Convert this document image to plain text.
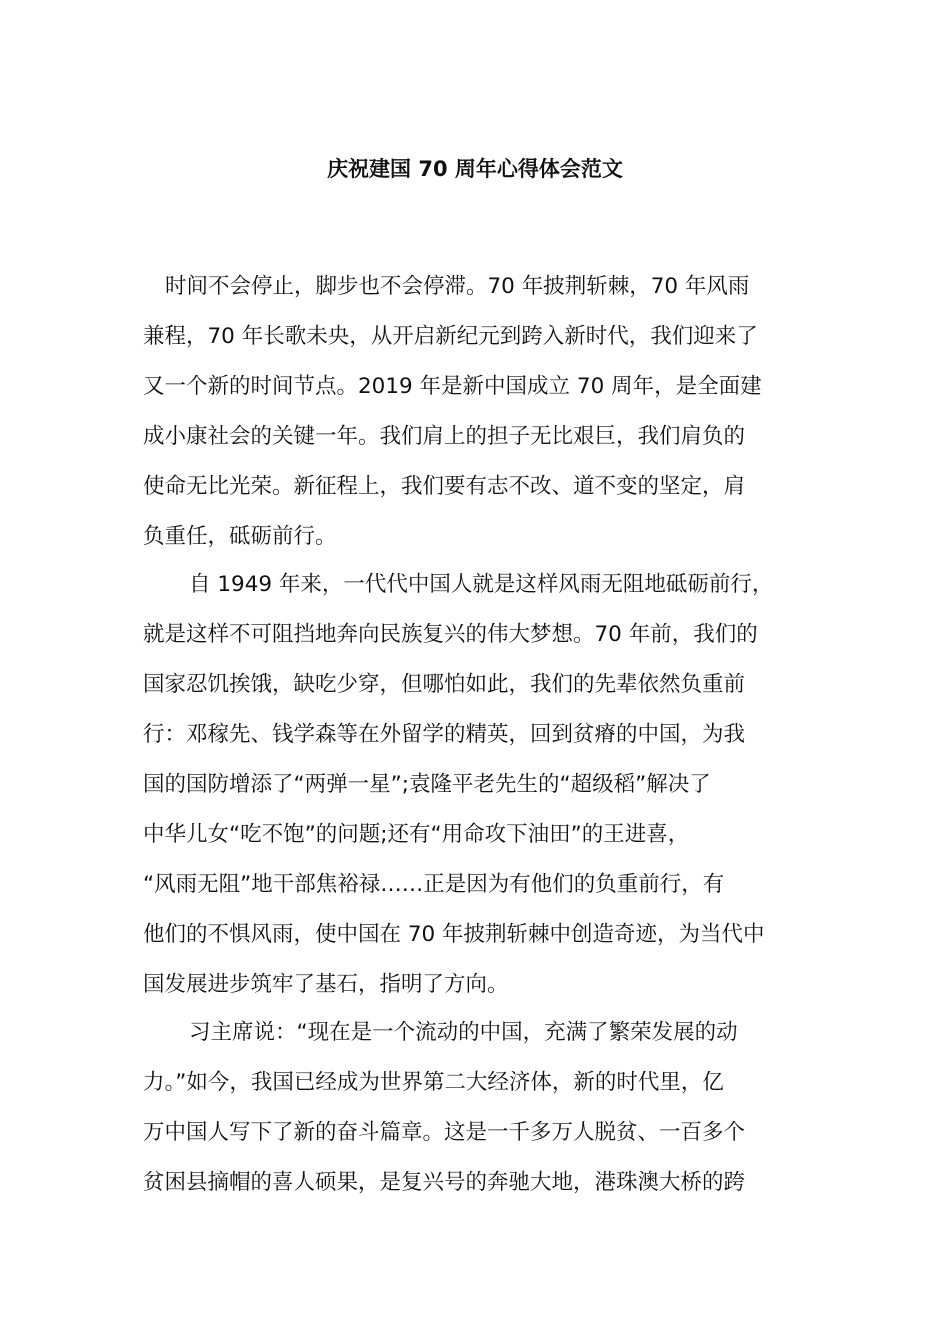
庆祝建国 70 周年心得体会范文

时间不会停止，脚步也不会停滞。70 年披荆斩棘，70 年风雨

兼程，70 年长歌未央，从开启新纪元到跨入新时代，我们迎来了

又一个新的时间节点。2019 年是新中国成立 70 周年，是全面建

成小康社会的关键一年。我们肩上的担子无比艰巨，我们肩负的

使命无比光荣。新征程上，我们要有志不改、道不变的坚定，肩

负重任，砥砺前行。

自 1949 年来，一代代中国人就是这样风雨无阻地砥砺前行，

就是这样不可阻挡地奔向民族复兴的伟大梦想。70 年前，我们的

国家忍饥挨饿，缺吃少穿，但哪怕如此，我们的先辈依然负重前

行：邓稼先、钱学森等在外留学的精英，回到贫瘠的中国，为我

国的国防增添了“两弹一星”;袁隆平老先生的“超级稻”解决了

中华儿女“吃不饱”的问题;还有“用命攻下油田”的王进喜，

“风雨无阻”地干部焦裕禄……正是因为有他们的负重前行，有

他们的不惧风雨，使中国在 70 年披荆斩棘中创造奇迹，为当代中

国发展进步筑牢了基石，指明了方向。

习主席说：“现在是一个流动的中国，充满了繁荣发展的动

力。”如今，我国已经成为世界第二大经济体，新的时代里，亿

万中国人写下了新的奋斗篇章。这是一千多万人脱贫、一百多个

贫困县摘帽的喜人硕果，是复兴号的奔驰大地，港珠澳大桥的跨
